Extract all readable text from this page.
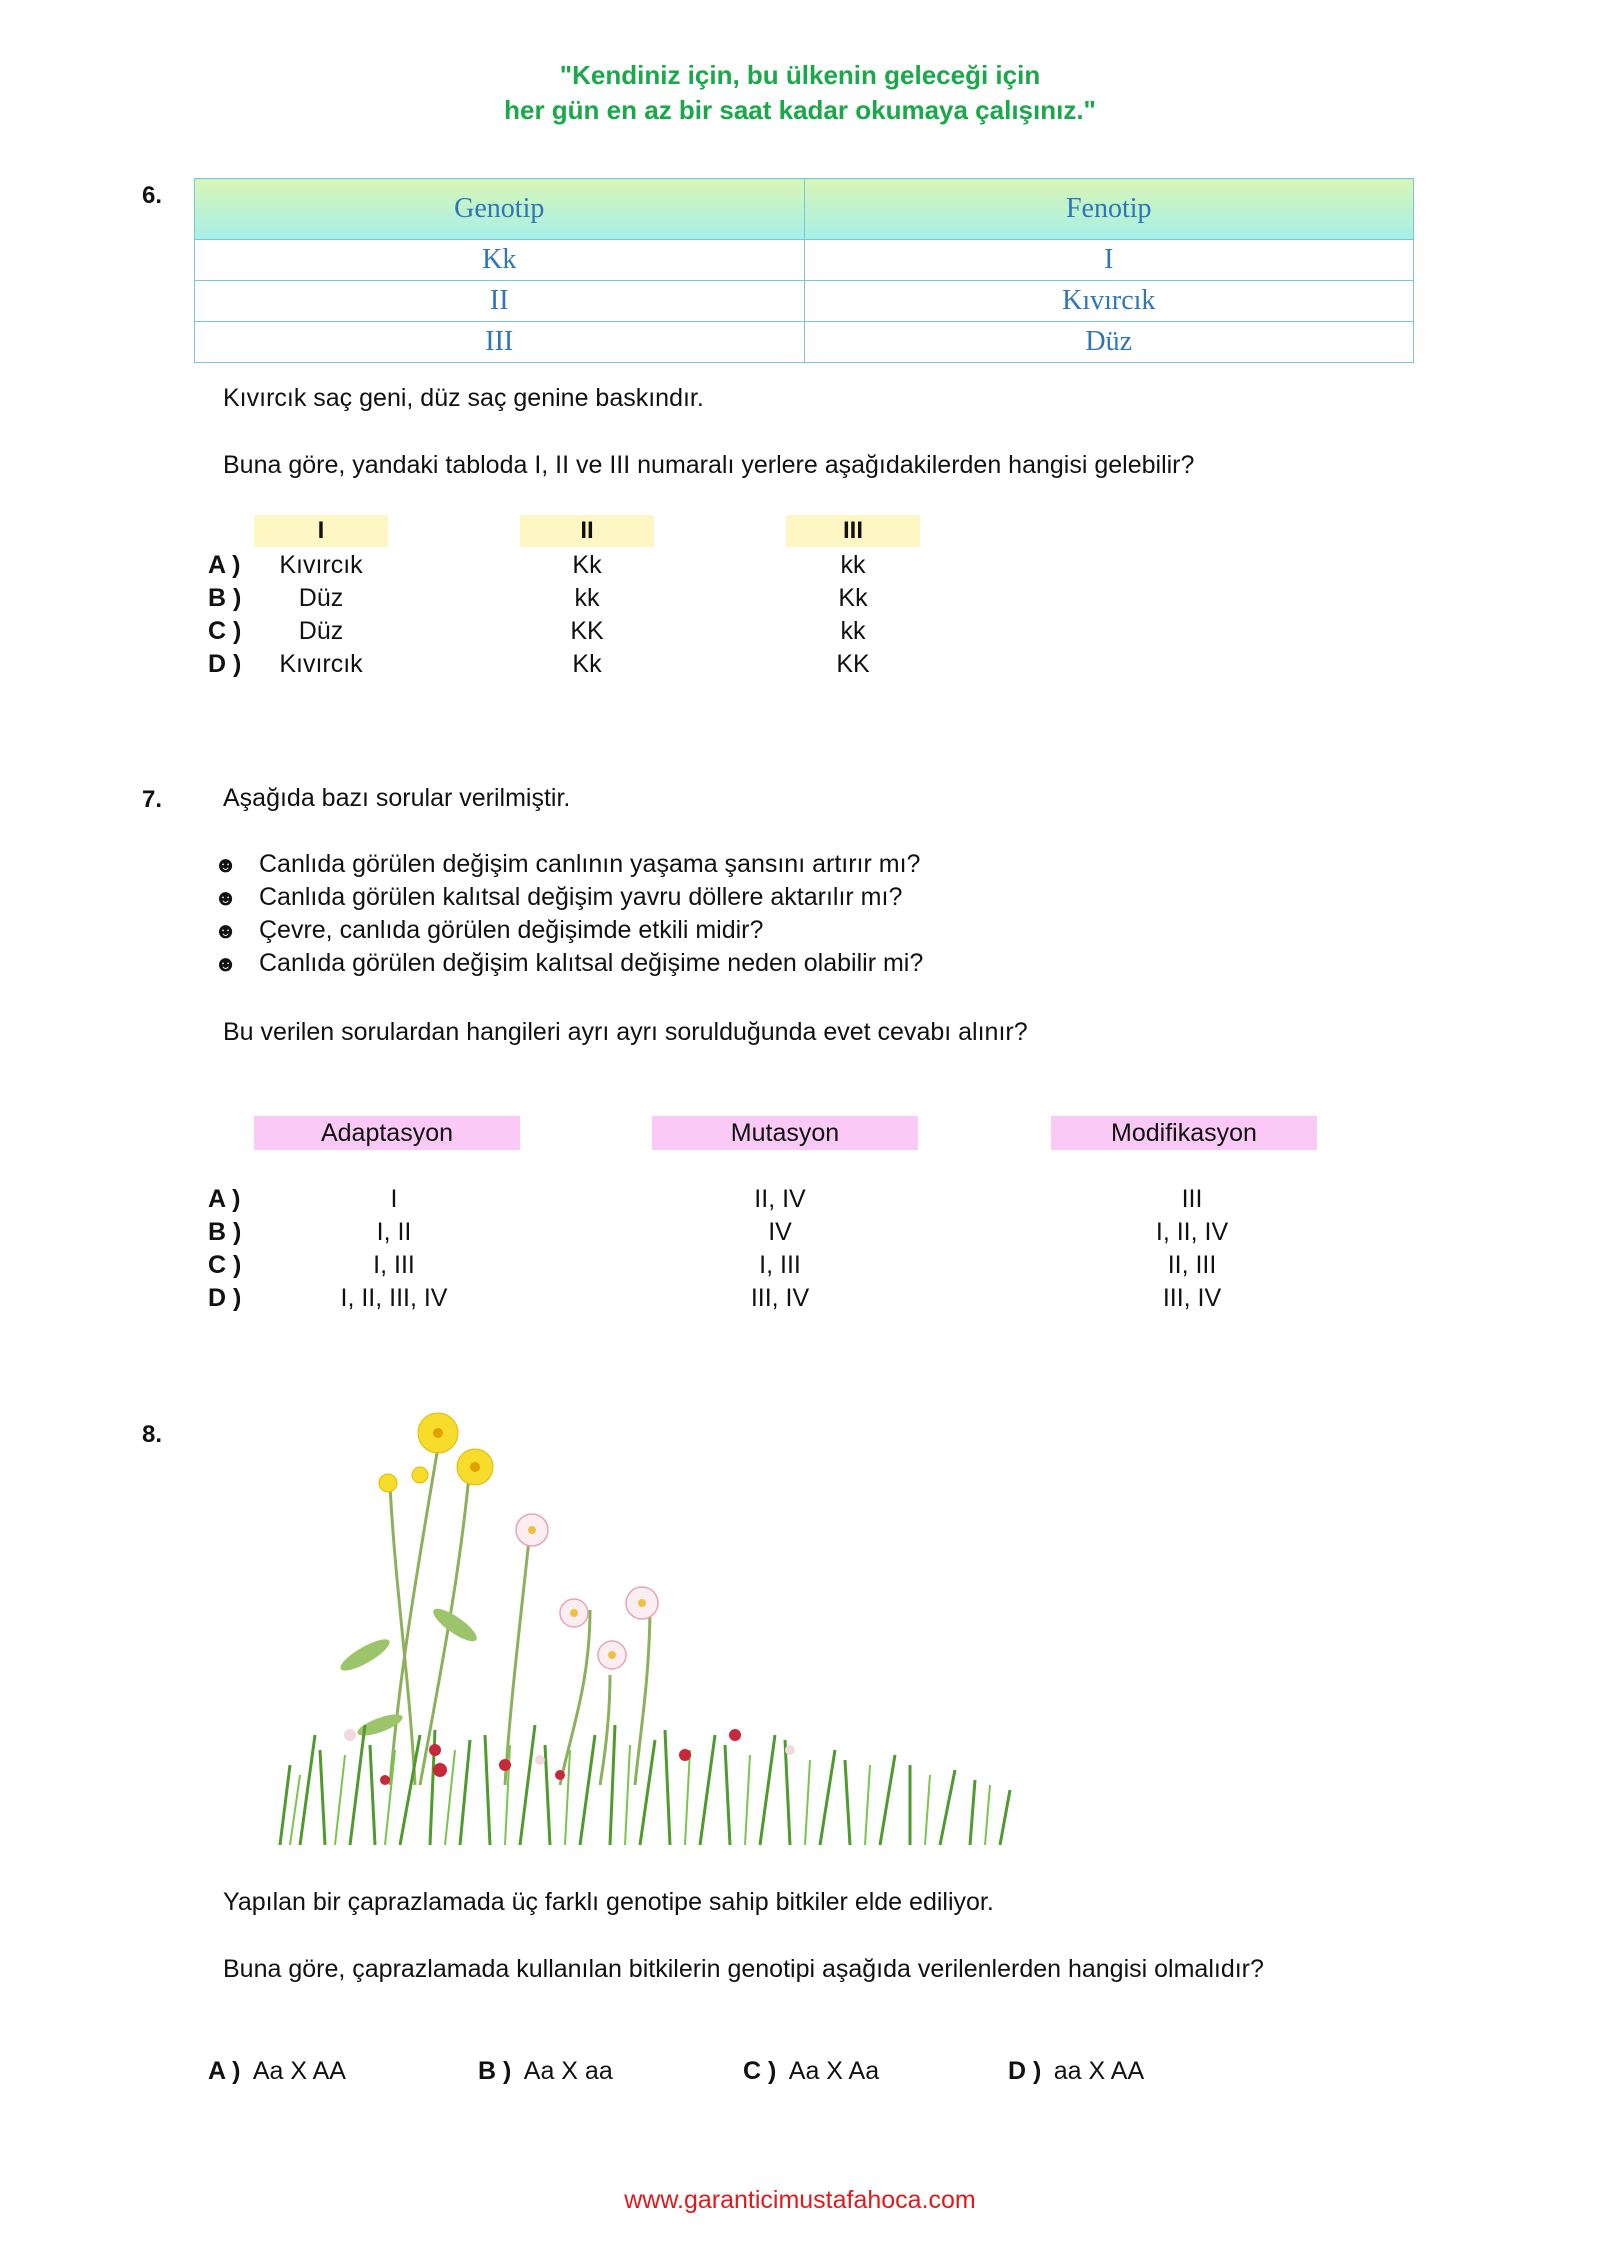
"Kendiniz için, bu ülkenin geleceği için
her gün en az bir saat kadar okumaya çalışınız."
6.	Genotip	Fenotip
Kk	I
II	Kıvırcık
III	Düz
Kıvırcık saç geni, düz saç genine baskındır.
Buna göre, yandaki tabloda I, II ve III numaralı yerlere aşağıdakilerden hangisi gelebilir?
I	II	III
A )	Kıvırcık	Kk	kk
B )	Düz	kk	Kk
C )	Düz	KK	kk
D )	Kıvırcık	Kk	KK
7. Aşağıda bazı sorular verilmiştir.
☻ Canlıda görülen değişim canlının yaşama şansını artırır mı?
☻ Canlıda görülen kalıtsal değişim yavru döllere aktarılır mı?
☻ Çevre, canlıda görülen değişimde etkili midir?
☻ Canlıda görülen değişim kalıtsal değişime neden olabilir mi?
Bu verilen sorulardan hangileri ayrı ayrı sorulduğunda evet cevabı alınır?
Adaptasyon	Mutasyon	Modifikasyon
A )	I	II, IV	III
B )	I, II	IV	I, II, IV
C )	I, III	I, III	II, III
D )	I, II, III, IV	III, IV	III, IV
8.
Yapılan bir çaprazlamada üç farklı genotipe sahip bitkiler elde ediliyor.
Buna göre, çaprazlamada kullanılan bitkilerin genotipi aşağıda verilenlerden hangisi olmalıdır?
A ) Aa X AA	B ) Aa X aa	C ) Aa X Aa	D ) aa X AA
www.garanticimustafahoca.com
